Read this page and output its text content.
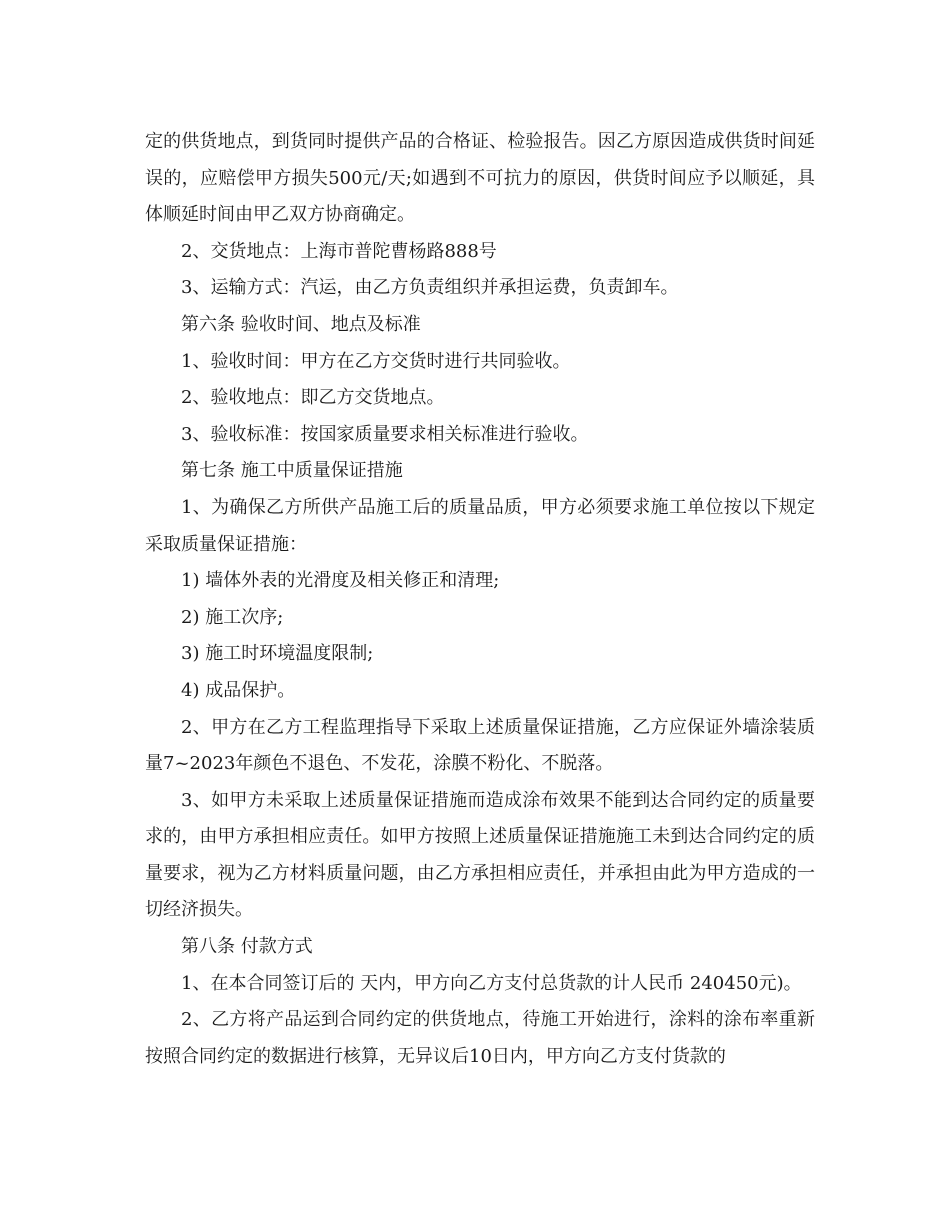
定的供货地点，到货同时提供产品的合格证、检验报告。因乙方原因造成供货时间延误的，应赔偿甲方损失500元/天;如遇到不可抗力的原因，供货时间应予以顺延，具体顺延时间由甲乙双方协商确定。

2、交货地点：上海市普陀曹杨路888号

3、运输方式：汽运，由乙方负责组织并承担运费，负责卸车。

第六条 验收时间、地点及标准

1、验收时间：甲方在乙方交货时进行共同验收。

2、验收地点：即乙方交货地点。

3、验收标准：按国家质量要求相关标准进行验收。

第七条 施工中质量保证措施

1、为确保乙方所供产品施工后的质量品质，甲方必须要求施工单位按以下规定采取质量保证措施：

1) 墙体外表的光滑度及相关修正和清理;

2) 施工次序;

3) 施工时环境温度限制;

4) 成品保护。

2、甲方在乙方工程监理指导下采取上述质量保证措施，乙方应保证外墙涂装质量7~2023年颜色不退色、不发花，涂膜不粉化、不脱落。

3、如甲方未采取上述质量保证措施而造成涂布效果不能到达合同约定的质量要求的，由甲方承担相应责任。如甲方按照上述质量保证措施施工未到达合同约定的质量要求，视为乙方材料质量问题，由乙方承担相应责任，并承担由此为甲方造成的一切经济损失。

第八条 付款方式

1、在本合同签订后的 天内，甲方向乙方支付总货款的计人民币 240450元)。

2、乙方将产品运到合同约定的供货地点，待施工开始进行，涂料的涂布率重新按照合同约定的数据进行核算，无异议后10日内，甲方向乙方支付货款的
